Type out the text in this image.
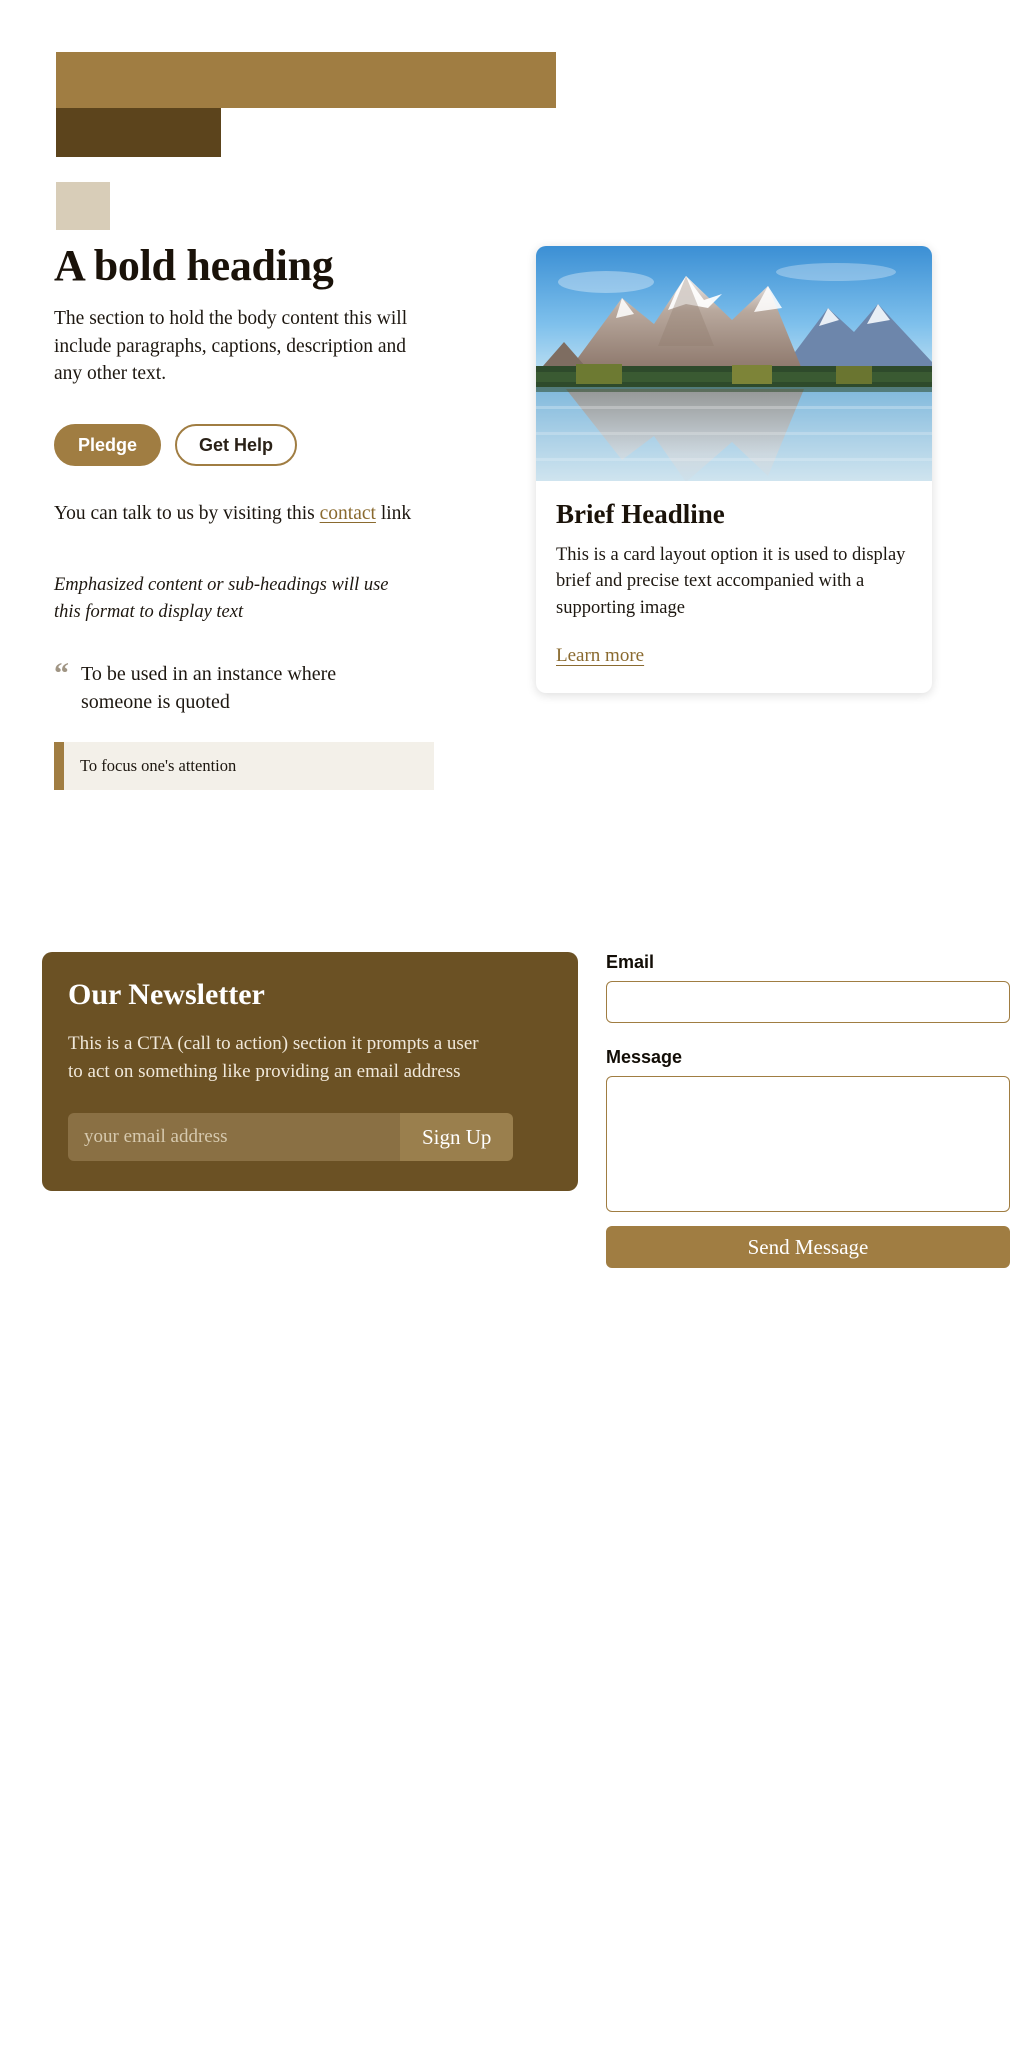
A bold heading

The section to hold the body content this will include paragraphs, captions, description and any other text.

Pledge	Get Help
You can talk to us by visiting this contact link
Emphasized content or sub-headings will use this format to display text
“ To be used in an instance where someone is quoted
To focus one's attention
Brief Headline

This is a card layout option it is used to display brief and precise text accompanied with a supporting image

Learn more
Our Newsletter

This is a CTA (call to action) section it prompts a user to act on something like providing an email address

your email address
Sign Up
Email
Message
Send Message
